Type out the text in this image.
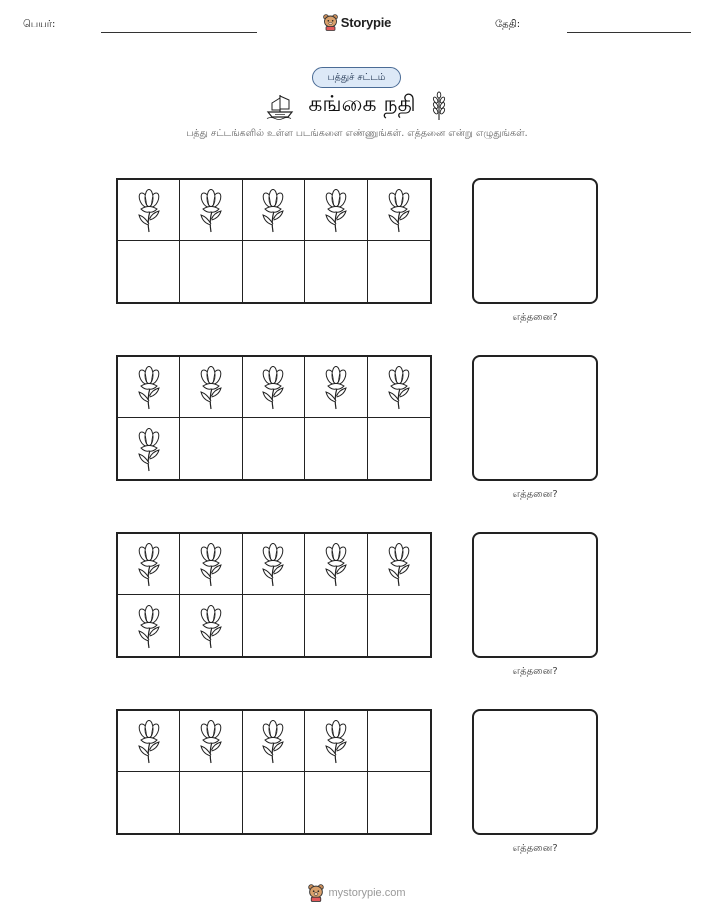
பெயர்:	Storypie	தேதி:
பத்துச் சட்டம்
கங்கை நதி
பத்து சட்டங்களில் உள்ள படங்களை எண்ணுங்கள். எத்தனை என்று எழுதுங்கள்.
எத்தனை?
எத்தனை?
எத்தனை?
எத்தனை?
mystorypie.com
